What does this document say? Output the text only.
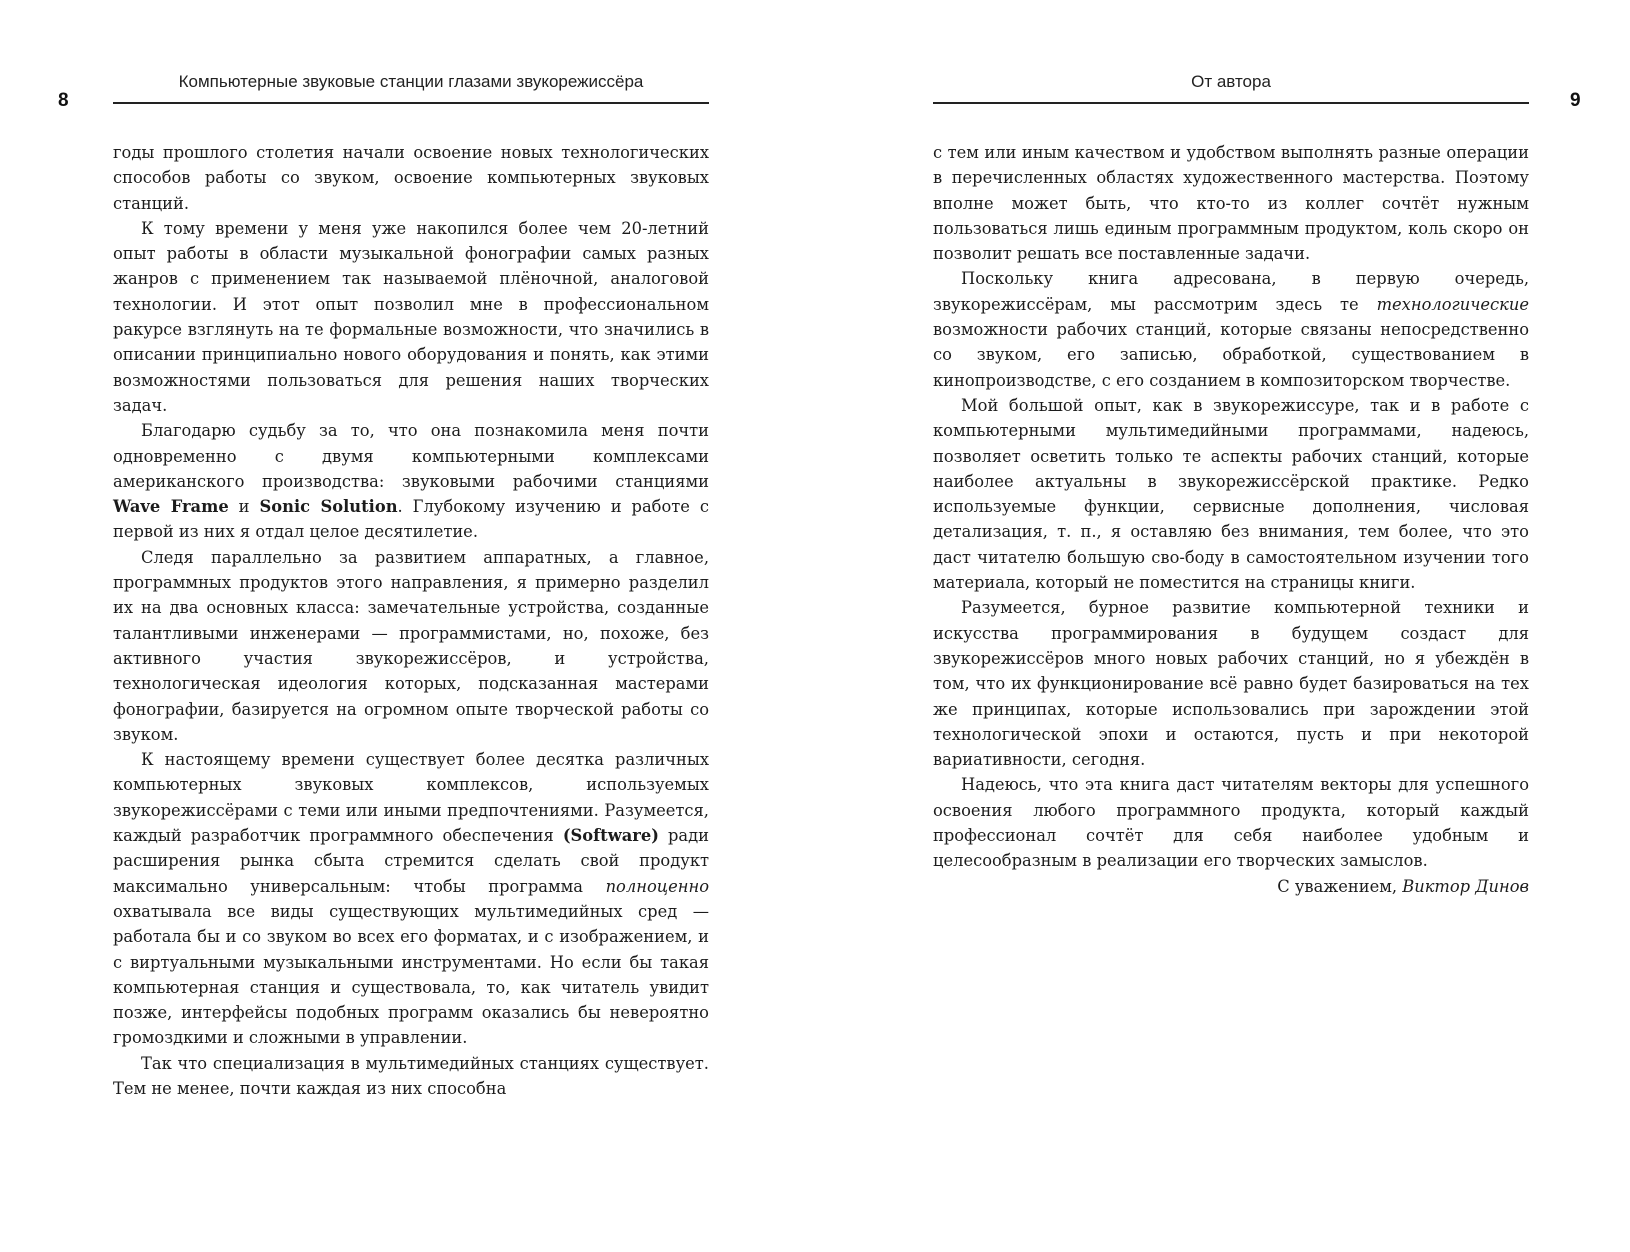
8
Компьютерные звуковые станции глазами звукорежиссёра

годы прошлого столетия начали освоение новых технологических способов работы со звуком, освоение компьютерных звуковых станций.

К тому времени у меня уже накопился более чем 20-летний опыт работы в области музыкальной фонографии самых разных жанров с применением так называемой плёночной, аналоговой технологии. И этот опыт позволил мне в профессиональном ракурсе взглянуть на те формальные возможности, что значились в описании принципиально нового оборудования и понять, как этими возможностями пользоваться для решения наших творческих задач.

Благодарю судьбу за то, что она познакомила меня почти одновременно с двумя компьютерными комплексами американского производства: звуковыми рабочими станциями Wave Frame и Sonic Solution. Глубокому изучению и работе с первой из них я отдал целое десятилетие.

Следя параллельно за развитием аппаратных, а главное, программных продуктов этого направления, я примерно разделил их на два основных класса: замечательные устройства, созданные талантливыми инженерами — программистами, но, похоже, без активного участия звукорежиссёров, и устройства, технологическая идеология которых, подсказанная мастерами фонографии, базируется на огромном опыте творческой работы со звуком.

К настоящему времени существует более десятка различных компьютерных звуковых комплексов, используемых звукорежиссёрами с теми или иными предпочтениями. Разумеется, каждый разработчик программного обеспечения (Software) ради расширения рынка сбыта стремится сделать свой продукт максимально универсальным: чтобы программа полноценно охватывала все виды существующих мультимедийных сред — работала бы и со звуком во всех его форматах, и с изображением, и с виртуальными музыкальными инструментами. Но если бы такая компьютерная станция и существовала, то, как читатель увидит позже, интерфейсы подобных программ оказались бы невероятно громоздкими и сложными в управлении.

Так что специализация в мультимедийных станциях существует. Тем не менее, почти каждая из них способна

От автора
9

с тем или иным качеством и удобством выполнять разные операции в перечисленных областях художественного мастерства. Поэтому вполне может быть, что кто-то из коллег сочтёт нужным пользоваться лишь единым программным продуктом, коль скоро он позволит решать все поставленные задачи.

Поскольку книга адресована, в первую очередь, звукорежиссёрам, мы рассмотрим здесь те технологические возможности рабочих станций, которые связаны непосредственно со звуком, его записью, обработкой, существованием в кинопроизводстве, с его созданием в композиторском творчестве.

Мой большой опыт, как в звукорежиссуре, так и в работе с компьютерными мультимедийными программами, надеюсь, позволяет осветить только те аспекты рабочих станций, которые наиболее актуальны в звукорежиссёрской практике. Редко используемые функции, сервисные дополнения, числовая детализация, т. п., я оставляю без внимания, тем более, что это даст читателю большую сво-боду в самостоятельном изучении того материала, который не поместится на страницы книги.

Разумеется, бурное развитие компьютерной техники и искусства программирования в будущем создаст для звукорежиссёров много новых рабочих станций, но я убеждён в том, что их функционирование всё равно будет базироваться на тех же принципах, которые использовались при зарождении этой технологической эпохи и остаются, пусть и при некоторой вариативности, сегодня.

Надеюсь, что эта книга даст читателям векторы для успешного освоения любого программного продукта, который каждый профессионал сочтёт для себя наиболее удобным и целесообразным в реализации его творческих замыслов.

С уважением, Виктор Динов
